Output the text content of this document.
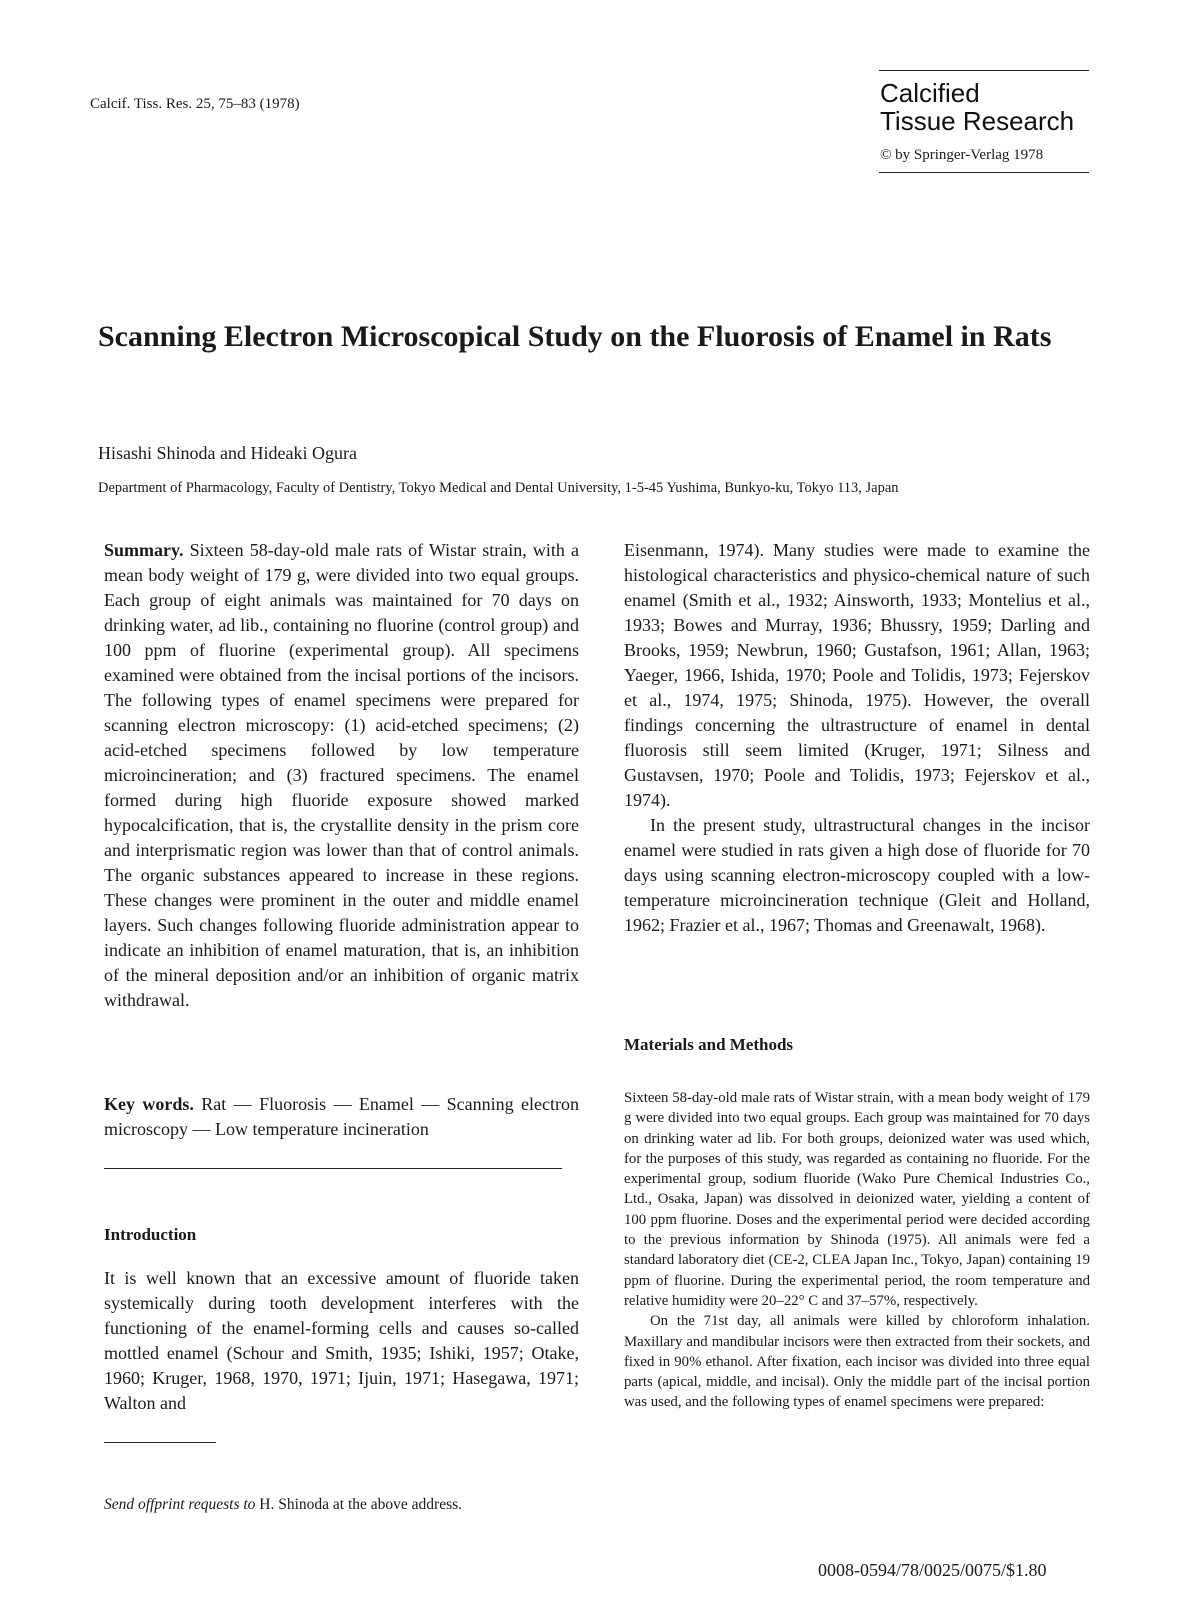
Calcif. Tiss. Res. 25, 75–83 (1978)	Calcified
Tissue Research
© by Springer-Verlag 1978
Scanning Electron Microscopical Study on the Fluorosis of Enamel in Rats
Hisashi Shinoda and Hideaki Ogura
Department of Pharmacology, Faculty of Dentistry, Tokyo Medical and Dental University, 1-5-45 Yushima, Bunkyo-ku, Tokyo 113, Japan

Summary. Sixteen 58-day-old male rats of Wistar strain, with a mean body weight of 179 g, were divided into two equal groups. Each group of eight animals was maintained for 70 days on drinking water, ad lib., containing no fluorine (control group) and 100 ppm of fluorine (experimental group). All specimens examined were obtained from the incisal portions of the incisors. The following types of enamel specimens were prepared for scanning electron microscopy: (1) acid-etched specimens; (2) acid-etched specimens followed by low temperature microincineration; and (3) fractured specimens. The enamel formed during high fluoride exposure showed marked hypocalcification, that is, the crystallite density in the prism core and interprismatic region was lower than that of control animals. The organic substances appeared to increase in these regions. These changes were prominent in the outer and middle enamel layers. Such changes following fluoride administration appear to indicate an inhibition of enamel maturation, that is, an inhibition of the mineral deposition and/or an inhibition of organic matrix withdrawal.

Key words. Rat — Fluorosis — Enamel — Scanning electron microscopy — Low temperature incineration

Introduction

It is well known that an excessive amount of fluoride taken systemically during tooth development interferes with the functioning of the enamel-forming cells and causes so-called mottled enamel (Schour and Smith, 1935; Ishiki, 1957; Otake, 1960; Kruger, 1968, 1970, 1971; Ijuin, 1971; Hasegawa, 1971; Walton and

Send offprint requests to H. Shinoda at the above address.

Eisenmann, 1974). Many studies were made to examine the histological characteristics and physico-chemical nature of such enamel (Smith et al., 1932; Ainsworth, 1933; Montelius et al., 1933; Bowes and Murray, 1936; Bhussry, 1959; Darling and Brooks, 1959; Newbrun, 1960; Gustafson, 1961; Allan, 1963; Yaeger, 1966, Ishida, 1970; Poole and Tolidis, 1973; Fejerskov et al., 1974, 1975; Shinoda, 1975). However, the overall findings concerning the ultrastructure of enamel in dental fluorosis still seem limited (Kruger, 1971; Silness and Gustavsen, 1970; Poole and Tolidis, 1973; Fejerskov et al., 1974).

In the present study, ultrastructural changes in the incisor enamel were studied in rats given a high dose of fluoride for 70 days using scanning electron-microscopy coupled with a low-temperature microincineration technique (Gleit and Holland, 1962; Frazier et al., 1967; Thomas and Greenawalt, 1968).

Materials and Methods

Sixteen 58-day-old male rats of Wistar strain, with a mean body weight of 179 g were divided into two equal groups. Each group was maintained for 70 days on drinking water ad lib. For both groups, deionized water was used which, for the purposes of this study, was regarded as containing no fluoride. For the experimental group, sodium fluoride (Wako Pure Chemical Industries Co., Ltd., Osaka, Japan) was dissolved in deionized water, yielding a content of 100 ppm fluorine. Doses and the experimental period were decided according to the previous information by Shinoda (1975). All animals were fed a standard laboratory diet (CE-2, CLEA Japan Inc., Tokyo, Japan) containing 19 ppm of fluorine. During the experimental period, the room temperature and relative humidity were 20–22° C and 37–57%, respectively.

On the 71st day, all animals were killed by chloroform inhalation. Maxillary and mandibular incisors were then extracted from their sockets, and fixed in 90% ethanol. After fixation, each incisor was divided into three equal parts (apical, middle, and incisal). Only the middle part of the incisal portion was used, and the following types of enamel specimens were prepared:

0008-0594/78/0025/0075/$1.80
